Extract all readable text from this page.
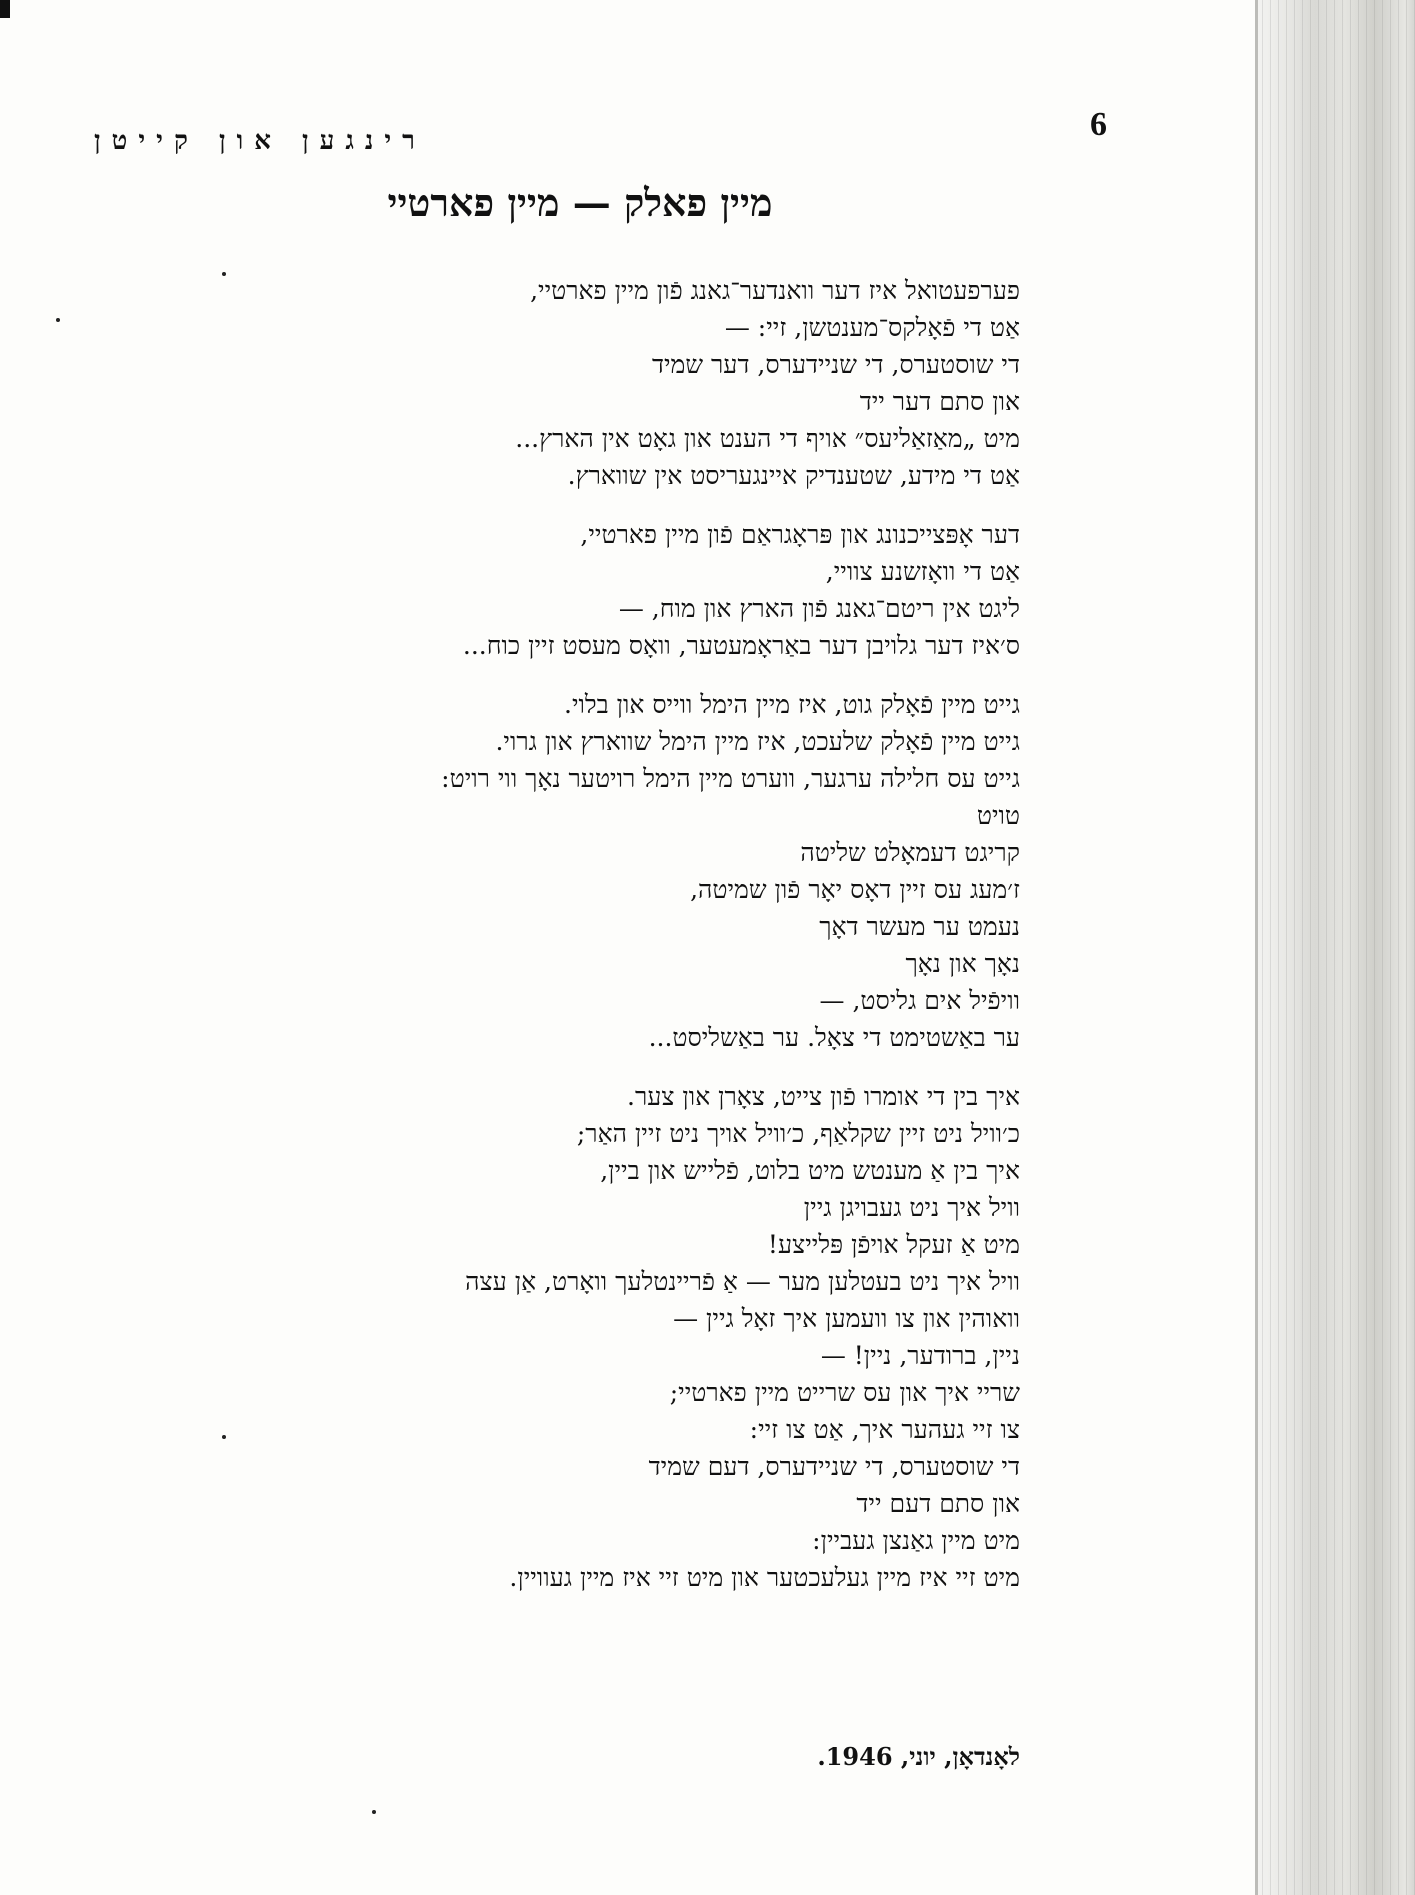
רינגען און קייטן	6
מיין פאלק — מיין פארטיי
פערפעטואל איז דער וואנדער־גאנג פֿון מיין פארטיי,
אַט די פֿאָלקס־מענטשן, זיי: —
די שוסטערס, די שניידערס, דער שמיד
און סתם דער ייד
מיט „מאַזאַליעס״ אויף די הענט און גאָט אין הארץ...
אַט די מידע, שטענדיק איינגעריסט אין שווארץ.
דער אָפּצייכנונג און פּראָגראַם פֿון מיין פארטיי,
אַט די וואָזשנע צוויי,
ליגט אין ריטם־גאנג פֿון הארץ און מוח, —
ס׳איז דער גלויבן דער באַראָמעטער, וואָס מעסט זיין כוח...
גייט מיין פֿאָלק גוט, איז מיין הימל ווייס און בלוי.
גייט מיין פֿאָלק שלעכט, איז מיין הימל שווארץ און גרוי.
גייט עס חלילה ערגער, ווערט מיין הימל רויטער נאָך ווי רויט:
טויט
קריגט דעמאָלט שליטה
ז׳מעג עס זיין דאָס יאָר פֿון שמיטה,
נעמט ער מעשר דאָך
נאָך און נאָך
וויפֿיל אים גליסט, —
ער באַשטימט די צאָל. ער באַשליסט...
איך בין די אומרו פֿון צייט, צאָרן און צער.
כ׳וויל ניט זיין שקלאַף, כ׳וויל אויך ניט זיין האַר;
איך בין אַ מענטש מיט בלוט, פֿלייש און ביין,
וויל איך ניט געבויגן גיין
מיט אַ זעקל אויפֿן פּלייצע!
וויל איך ניט בעטלען מער — אַ פֿריינטלעך וואָרט, אַן עצה
וואוהין און צו וועמען איך זאָל גיין —
ניין, ברודער, ניין! —
שריי איך און עס שרייט מיין פארטיי;
צו זיי געהער איך, אַט צו זיי:
די שוסטערס, די שניידערס, דעם שמיד
און סתם דעם ייד
מיט מיין גאַנצן געביין:
מיט זיי איז מיין געלעכטער און מיט זיי איז מיין געוויין.
לאָנדאָן, יוני, 1946.
